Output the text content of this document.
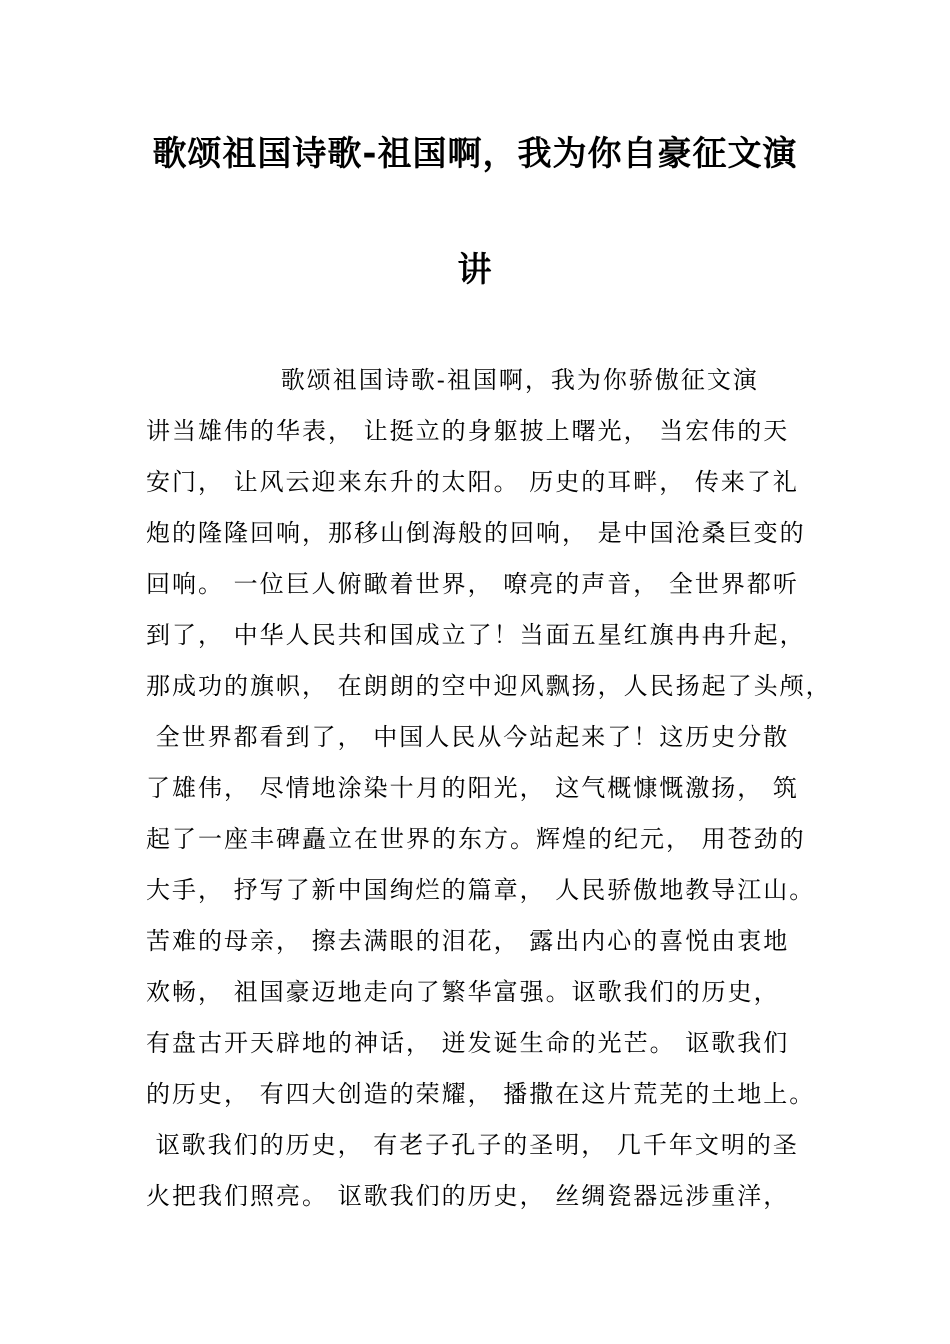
歌颂祖国诗歌-祖国啊，我为你自豪征文演
讲
歌颂祖国诗歌-祖国啊，我为你骄傲征文演
讲当雄伟的华表， 让挺立的身躯披上曙光， 当宏伟的天
安门， 让风云迎来东升的太阳。 历史的耳畔， 传来了礼
炮的隆隆回响，那移山倒海般的回响， 是中国沧桑巨变的
回响。 一位巨人俯瞰着世界， 嘹亮的声音， 全世界都听
到了， 中华人民共和国成立了！当面五星红旗冉冉升起，
那成功的旗帜， 在朗朗的空中迎风飘扬，人民扬起了头颅，
全世界都看到了， 中国人民从今站起来了！这历史分散
了雄伟， 尽情地涂染十月的阳光， 这气概慷慨激扬， 筑
起了一座丰碑矗立在世界的东方。辉煌的纪元， 用苍劲的
大手， 抒写了新中国绚烂的篇章， 人民骄傲地教导江山。
苦难的母亲， 擦去满眼的泪花， 露出内心的喜悦由衷地
欢畅， 祖国豪迈地走向了繁华富强。讴歌我们的历史，
有盘古开天辟地的神话， 迸发诞生命的光芒。 讴歌我们
的历史， 有四大创造的荣耀， 播撒在这片荒芜的土地上。
讴歌我们的历史， 有老子孔子的圣明， 几千年文明的圣
火把我们照亮。 讴歌我们的历史， 丝绸瓷器远涉重洋，
